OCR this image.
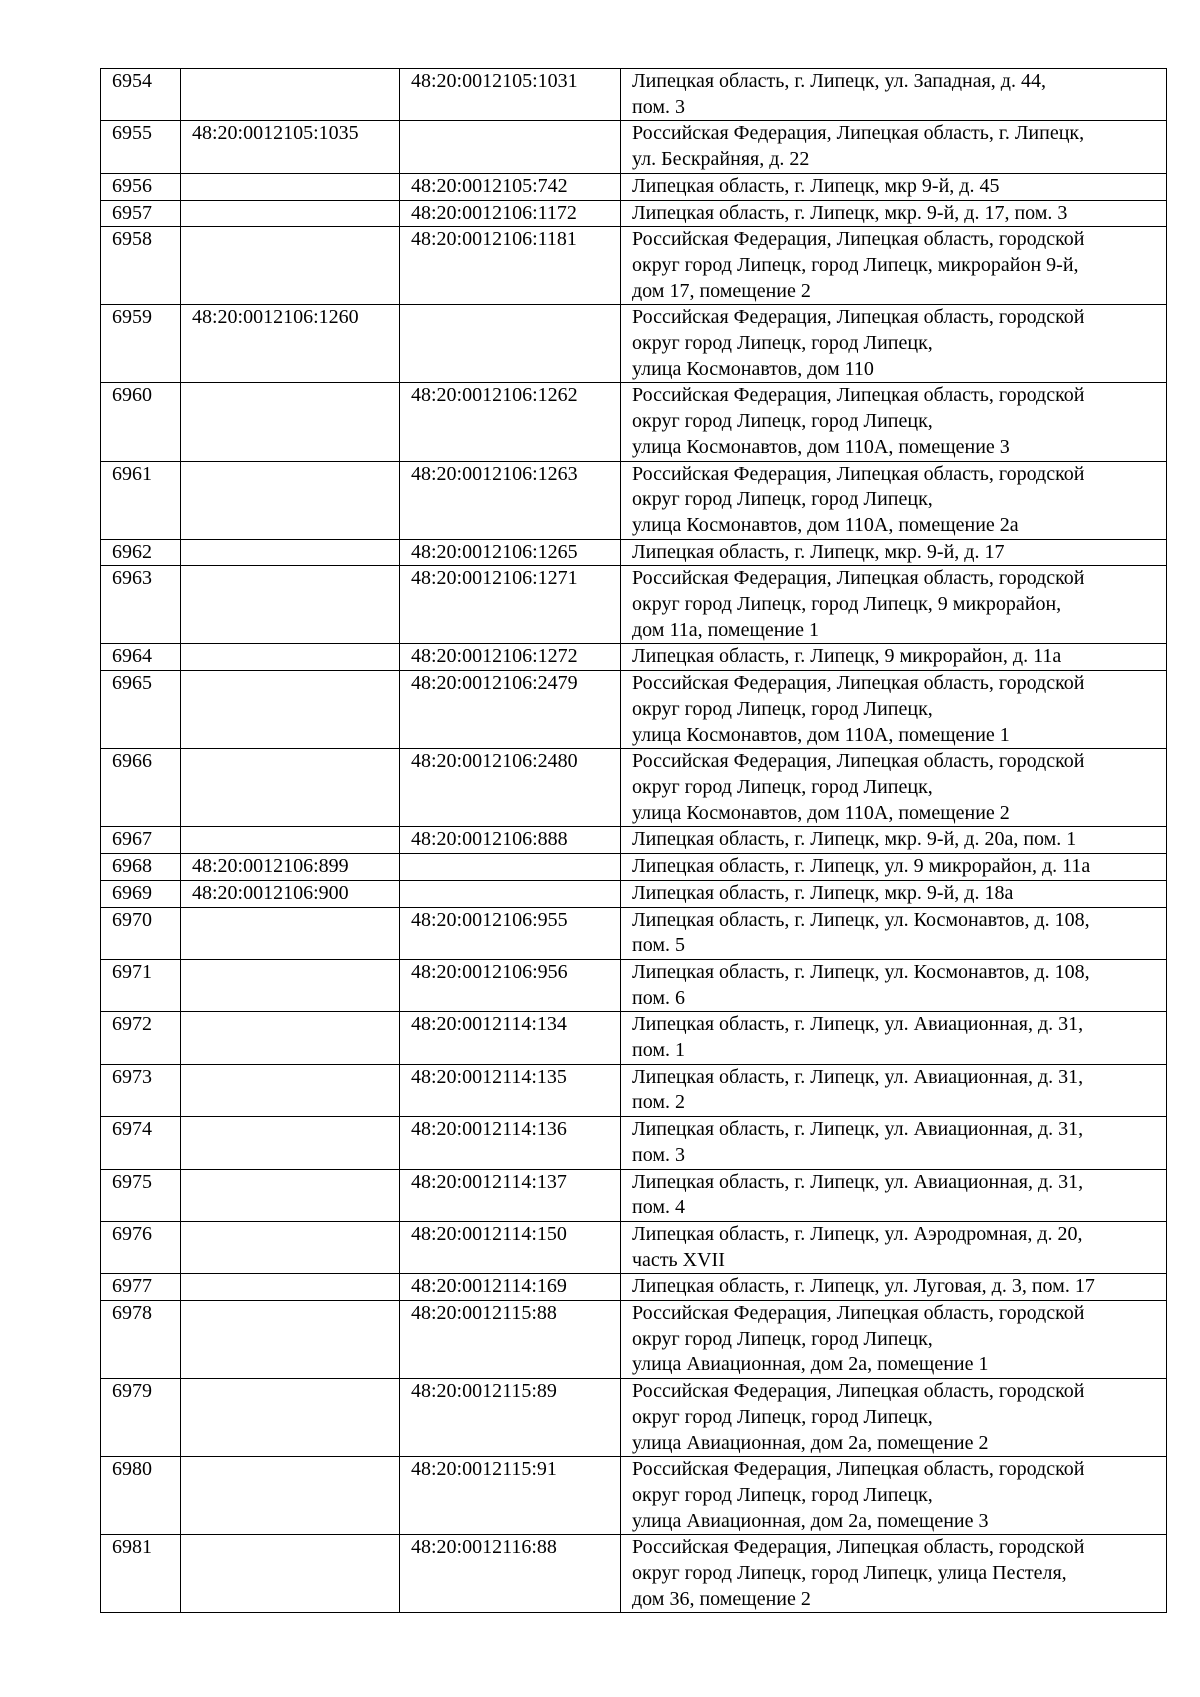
6954		48:20:0012105:1031	Липецкая область, г. Липецк, ул. Западная, д. 44,
пом. 3
6955	48:20:0012105:1035		Российская Федерация, Липецкая область, г. Липецк,
ул. Бескрайняя, д. 22
6956		48:20:0012105:742	Липецкая область, г. Липецк, мкр 9-й, д. 45
6957		48:20:0012106:1172	Липецкая область, г. Липецк, мкр. 9-й, д. 17, пом. 3
6958		48:20:0012106:1181	Российская Федерация, Липецкая область, городской
округ город Липецк, город Липецк, микрорайон 9-й,
дом 17, помещение 2
6959	48:20:0012106:1260		Российская Федерация, Липецкая область, городской
округ город Липецк, город Липецк,
улица Космонавтов, дом 110
6960		48:20:0012106:1262	Российская Федерация, Липецкая область, городской
округ город Липецк, город Липецк,
улица Космонавтов, дом 110А, помещение 3
6961		48:20:0012106:1263	Российская Федерация, Липецкая область, городской
округ город Липецк, город Липецк,
улица Космонавтов, дом 110А, помещение 2а
6962		48:20:0012106:1265	Липецкая область, г. Липецк, мкр. 9-й, д. 17
6963		48:20:0012106:1271	Российская Федерация, Липецкая область, городской
округ город Липецк, город Липецк, 9 микрорайон,
дом 11а, помещение 1
6964		48:20:0012106:1272	Липецкая область, г. Липецк, 9 микрорайон, д. 11а
6965		48:20:0012106:2479	Российская Федерация, Липецкая область, городской
округ город Липецк, город Липецк,
улица Космонавтов, дом 110А, помещение 1
6966		48:20:0012106:2480	Российская Федерация, Липецкая область, городской
округ город Липецк, город Липецк,
улица Космонавтов, дом 110А, помещение 2
6967		48:20:0012106:888	Липецкая область, г. Липецк, мкр. 9-й, д. 20а, пом. 1
6968	48:20:0012106:899		Липецкая область, г. Липецк, ул. 9 микрорайон, д. 11а
6969	48:20:0012106:900		Липецкая область, г. Липецк, мкр. 9-й, д. 18а
6970		48:20:0012106:955	Липецкая область, г. Липецк, ул. Космонавтов, д. 108,
пом. 5
6971		48:20:0012106:956	Липецкая область, г. Липецк, ул. Космонавтов, д. 108,
пом. 6
6972		48:20:0012114:134	Липецкая область, г. Липецк, ул. Авиационная, д. 31,
пом. 1
6973		48:20:0012114:135	Липецкая область, г. Липецк, ул. Авиационная, д. 31,
пом. 2
6974		48:20:0012114:136	Липецкая область, г. Липецк, ул. Авиационная, д. 31,
пом. 3
6975		48:20:0012114:137	Липецкая область, г. Липецк, ул. Авиационная, д. 31,
пом. 4
6976		48:20:0012114:150	Липецкая область, г. Липецк, ул. Аэродромная, д. 20,
часть XVII
6977		48:20:0012114:169	Липецкая область, г. Липецк, ул. Луговая, д. 3, пом. 17
6978		48:20:0012115:88	Российская Федерация, Липецкая область, городской
округ город Липецк, город Липецк,
улица Авиационная, дом 2а, помещение 1
6979		48:20:0012115:89	Российская Федерация, Липецкая область, городской
округ город Липецк, город Липецк,
улица Авиационная, дом 2а, помещение 2
6980		48:20:0012115:91	Российская Федерация, Липецкая область, городской
округ город Липецк, город Липецк,
улица Авиационная, дом 2а, помещение 3
6981		48:20:0012116:88	Российская Федерация, Липецкая область, городской
округ город Липецк, город Липецк, улица Пестеля,
дом 36, помещение 2
